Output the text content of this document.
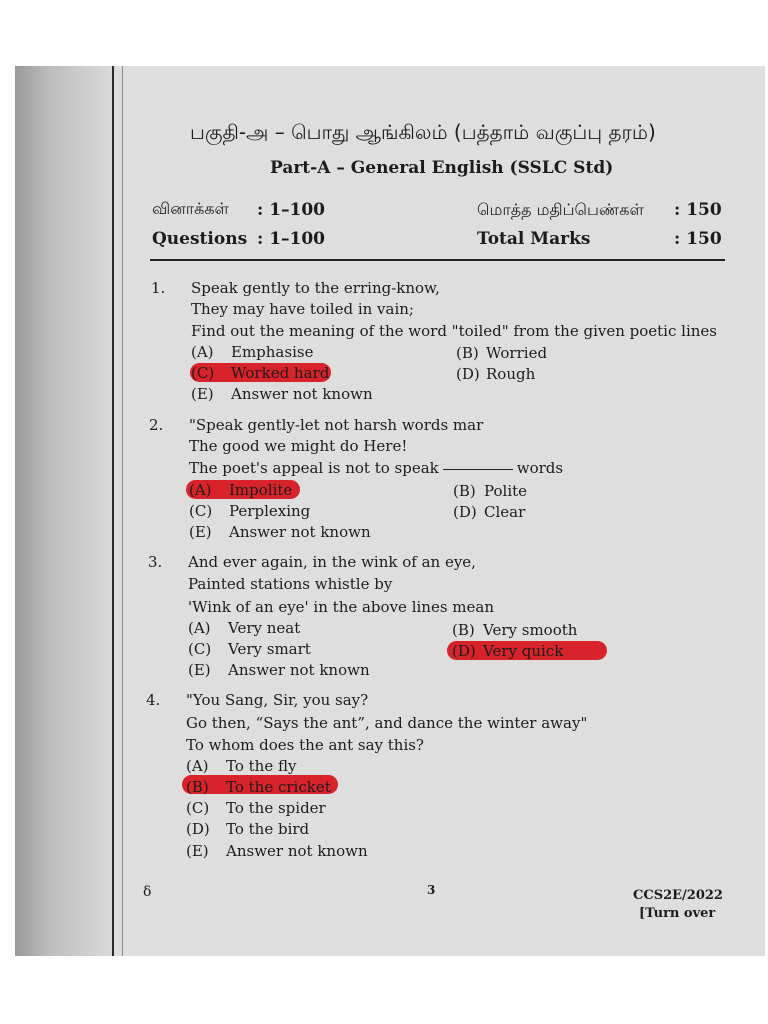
பகுதி-அ – பொது ஆங்கிலம் (பத்தாம் வகுப்பு தரம்)
Part-A – General English (SSLC Std)
வினாக்கள் : 1–100	மொத்த மதிப்பெண்கள் : 150
Questions : 1–100	Total Marks	: 150
1. Speak gently to the erring-know,
They may have toiled in vain;
Find out the meaning of the word "toiled" from the given poetic lines
(A) Emphasise	(B) Worried
(C) Worked hard	(D) Rough
(E) Answer not known
2. "Speak gently-let not harsh words mar
The good we might do Here!
The poet's appeal is not to speak	words
(A) Impolite	(B) Polite
(C) Perplexing	(D) Clear
(E) Answer not known
3. And ever again, in the wink of an eye,
Painted stations whistle by
'Wink of an eye' in the above lines mean
(A) Very neat	(B) Very smooth
(C) Very smart	(D) Very quick
(E) Answer not known
4. "You Sang, Sir, you say?
Go then, “Says the ant”, and dance the winter away"
To whom does the ant say this?
(A) To the fly
(B) To the cricket
(C) To the spider
(D) To the bird
(E) Answer not known
δ	3	CCS2E/2022
[Turn over
